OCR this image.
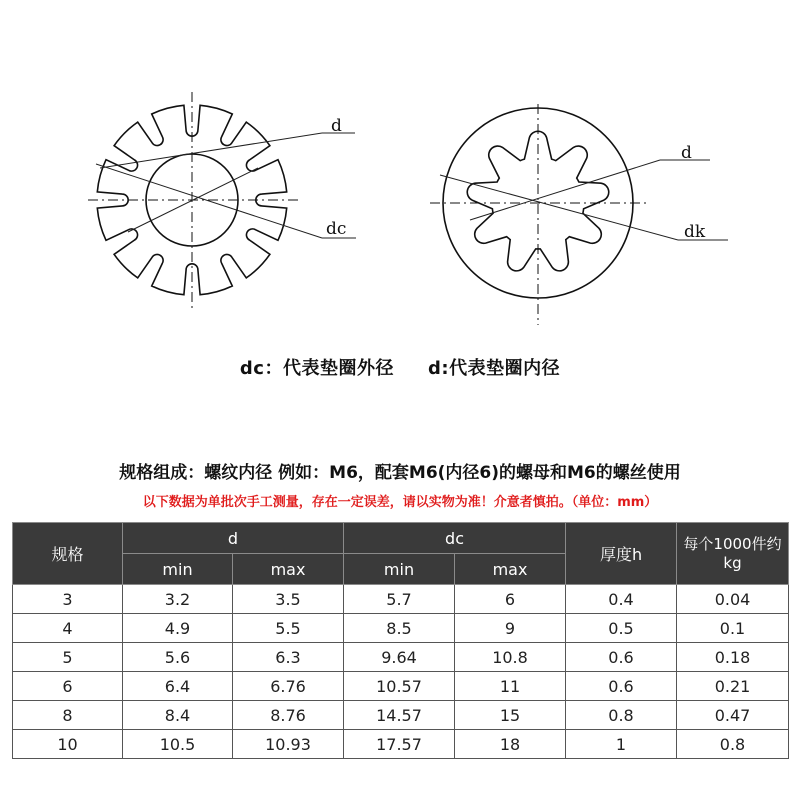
d
dc
d
dk
dc：代表垫圈外径 d:代表垫圈内径
规格组成：螺纹内径 例如：M6，配套M6(内径6)的螺母和M6的螺丝使用
以下数据为单批次手工测量，存在一定误差，请以实物为准！介意者慎拍。（单位：mm）
规格	d		dc		厚度h	每个1000件约kg
	min	max	min	max		
3	3.2	3.5	5.7	6	0.4	0.04
4	4.9	5.5	8.5	9	0.5	0.1
5	5.6	6.3	9.64	10.8	0.6	0.18
6	6.4	6.76	10.57	11	0.6	0.21
8	8.4	8.76	14.57	15	0.8	0.47
10	10.5	10.93	17.57	18	1	0.8
